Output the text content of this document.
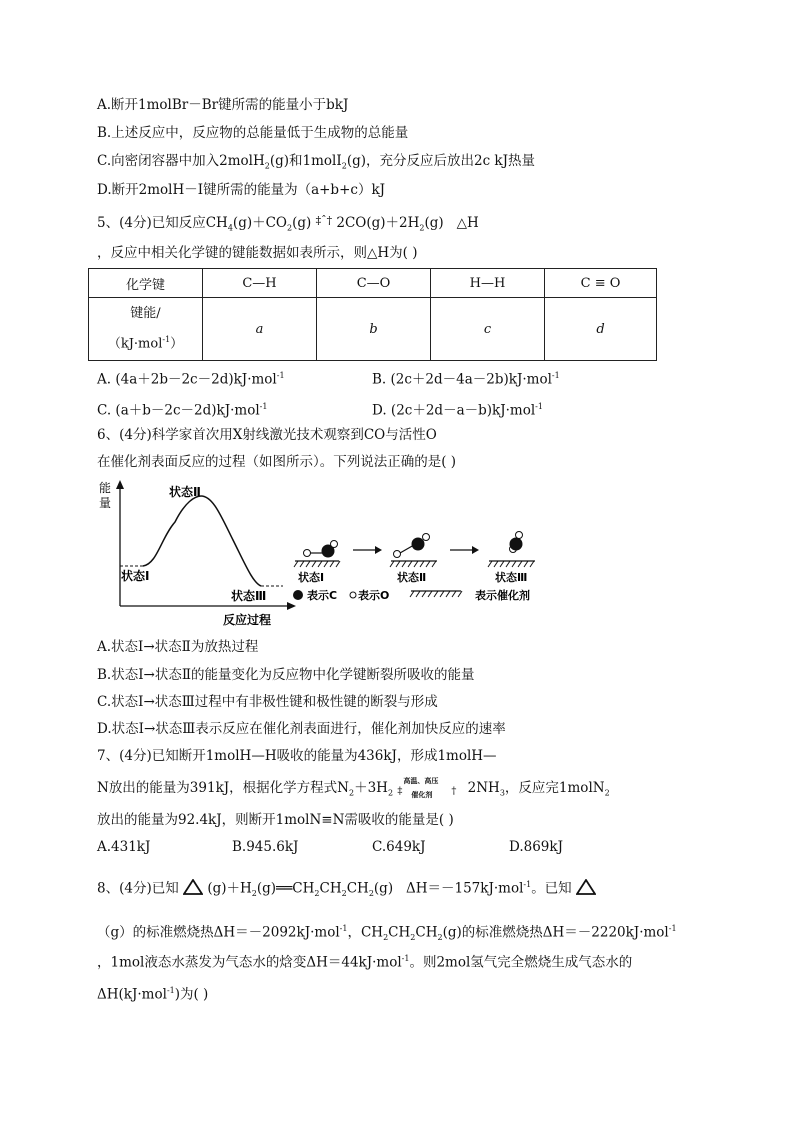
A.断开1molBr－Br键所需的能量小于bkJ
B.上述反应中，反应物的总能量低于生成物的总能量
C.向密闭容器中加入2molH$_2$(g)和1molI$_2$(g)，充分反应后放出2c kJ热量
D.断开2molH－I键所需的能量为（a+b+c）kJ
5、(4分)已知反应$CH_4(g)+CO_2(g)$ $^{\ddagger ˆ\dagger}$ $2CO(g)+2H_2(g)$ △H
，反应中相关化学键的键能数据如表所示，则△H为( )
化学键	C—H	C—O	H—H	C ≡ O

键能/
（kJ·mol$^{-1}$）	a	b	c	d
A. (4a＋2b－2c－2d)kJ·mol$^{-1}$	B. (2c＋2d－4a－2b)kJ·mol$^{-1}$
C. (a＋b－2c－2d)kJ·mol$^{-1}$	D. (2c＋2d－a－b)kJ·mol$^{-1}$
6、(4分)科学家首次用X射线激光技术观察到CO与活性O
在催化剂表面反应的过程（如图所示）。下列说法正确的是( )
能
量
反应过程
状态Ⅰ
状态Ⅱ
状态Ⅲ
状态Ⅰ	状态Ⅱ	状态Ⅲ
表示C 表示O	表示催化剂
A.状态Ⅰ→状态Ⅱ为放热过程
B.状态Ⅰ→状态Ⅱ的能量变化为反应物中化学键断裂所吸收的能量
C.状态Ⅰ→状态Ⅲ过程中有非极性键和极性键的断裂与形成
D.状态Ⅰ→状态Ⅲ表示反应在催化剂表面进行，催化剂加快反应的速率
7、(4分)已知断开1molH—H吸收的能量为436kJ，形成1molH—
N放出的能量为391kJ，根据化学方程式$N_2+3H_2$
高温、高压
‡	†
催化剂	$2NH_3$，反应完1molN$_2$
放出的能量为92.4kJ，则断开1molN≡N需吸收的能量是( )
A.431kJ	B.945.6kJ	C.649kJ	D.869kJ
8、(4分)已知 $(g)+H_2(g)══CH_2CH_2CH_2(g)$ ΔH＝－157kJ·mol$^{-1}$。已知
（g）的标准燃烧热ΔH＝－2092kJ·mol$^{-1}$，$CH_2CH_2CH_2(g)$的标准燃烧热ΔH＝－2220kJ·mol$^{-1}$
，1mol液态水蒸发为气态水的焓变ΔH＝44kJ·mol$^{-1}$。则2mol氢气完全燃烧生成气态水的
ΔH(kJ·mol$^{-1}$)为( )
